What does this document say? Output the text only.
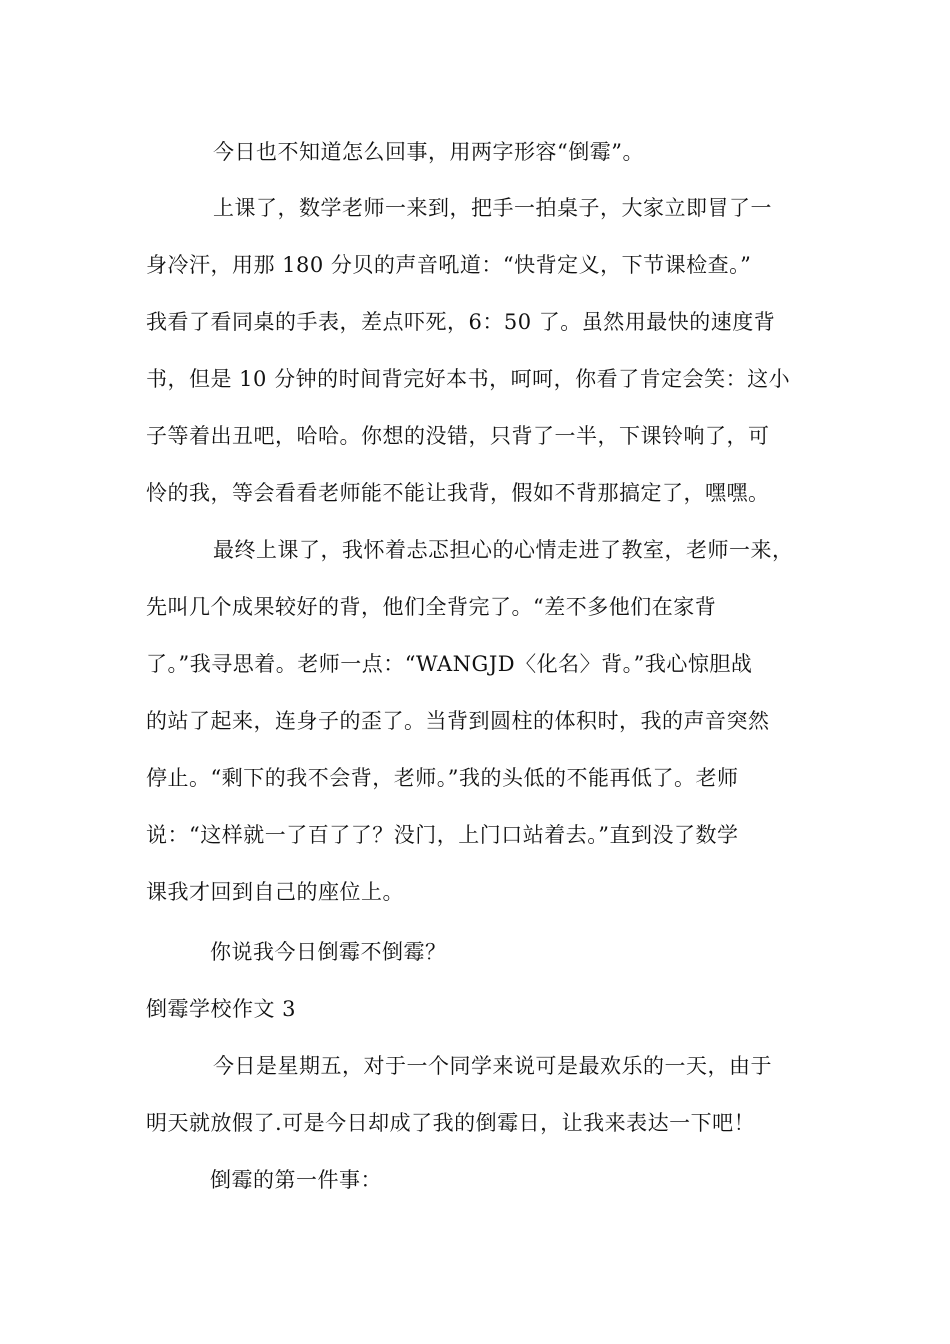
今日也不知道怎么回事，用两字形容“倒霉”。
上课了，数学老师一来到，把手一拍桌子，大家立即冒了一
身冷汗，用那 180 分贝的声音吼道：“快背定义，下节课检查。”
我看了看同桌的手表，差点吓死，6：50 了。虽然用最快的速度背
书，但是 10 分钟的时间背完好本书，呵呵，你看了肯定会笑：这小
子等着出丑吧，哈哈。你想的没错，只背了一半，下课铃响了，可
怜的我，等会看看老师能不能让我背，假如不背那搞定了，嘿嘿。
最终上课了，我怀着忐忑担心的心情走进了教室，老师一来，
先叫几个成果较好的背，他们全背完了。“差不多他们在家背
了。”我寻思着。老师一点：“WANGJD〈化名〉背。”我心惊胆战
的站了起来，连身子的歪了。当背到圆柱的体积时，我的声音突然
停止。“剩下的我不会背，老师。”我的头低的不能再低了。老师
说：“这样就一了百了了？没门，上门口站着去。”直到没了数学
课我才回到自己的座位上。
你说我今日倒霉不倒霉？
倒霉学校作文 3
今日是星期五，对于一个同学来说可是最欢乐的一天，由于
明天就放假了.可是今日却成了我的倒霉日，让我来表达一下吧！
倒霉的第一件事：
